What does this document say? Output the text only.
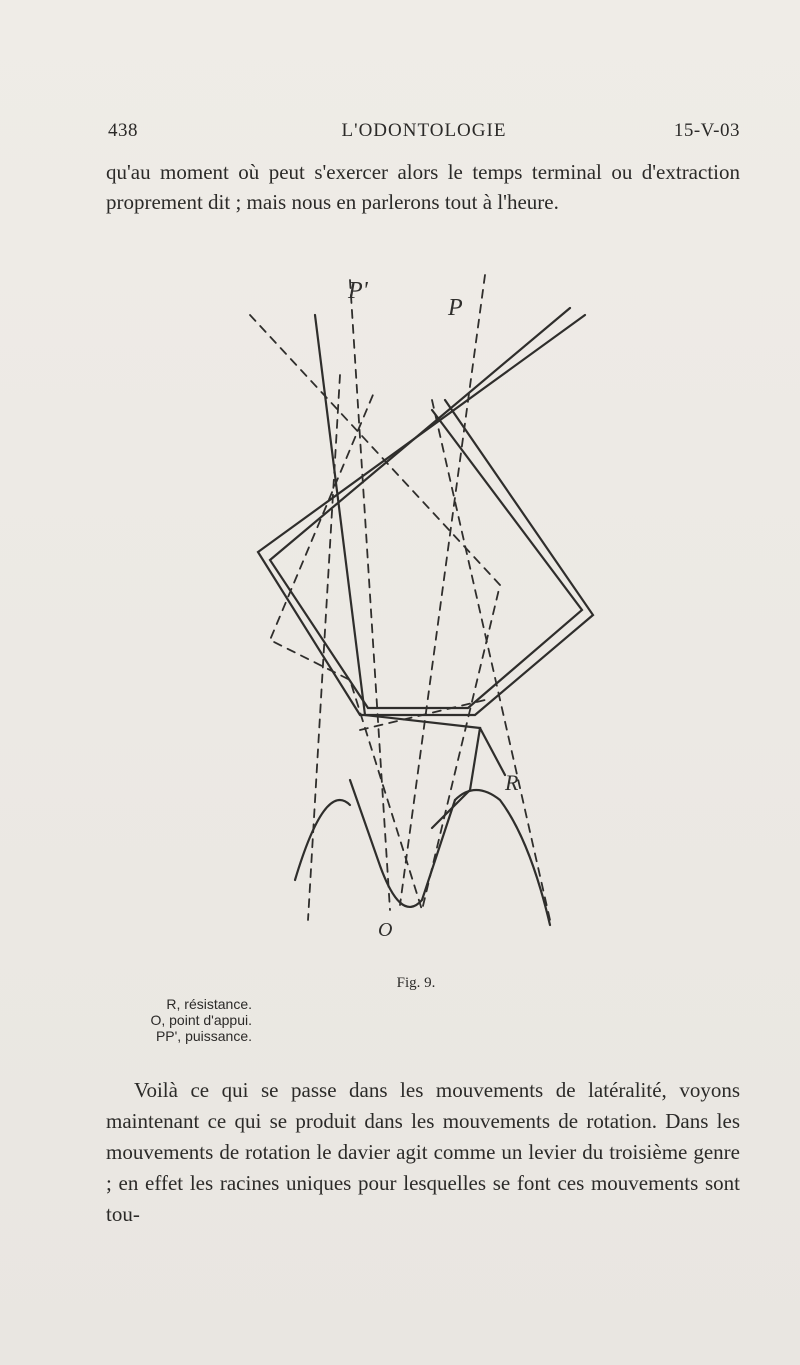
438	L'ODONTOLOGIE	15-V-03

qu'au moment où peut s'exercer alors le temps terminal ou d'extraction proprement dit ; mais nous en parlerons tout à l'heure.

P'
P
R
O
Fig. 9.
R, résistance.
O, point d'appui.
PP', puissance.

Voilà ce qui se passe dans les mouvements de latéralité, voyons maintenant ce qui se produit dans les mouvements de rotation. Dans les mouvements de rotation le davier agit comme un levier du troisième genre ; en effet les racines uniques pour lesquelles se font ces mouvements sont tou-
